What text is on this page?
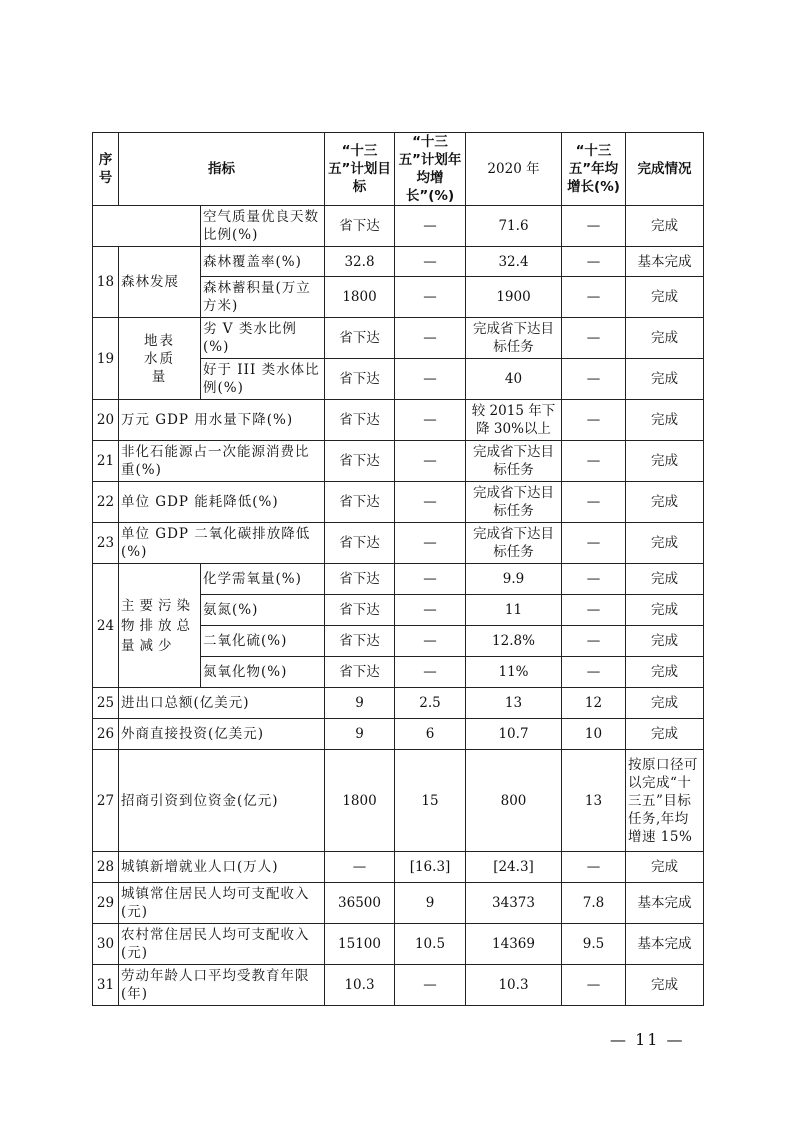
序号	指标		“十三五”计划目标	“十三五”计划年均增长”(%)	2020 年	“十三五”年均增长(%)	完成情况
		空气质量优良天数比例(%)	省下达	—	71.6	—	完成
18	森林发展	森林覆盖率(%)	32.8	—	32.4	—	基本完成
		森林蓄积量(万立方米)	1800	—	1900	—	完成
19	地表水质量	劣 V 类水比例(%)	省下达	—	完成省下达目标任务	—	完成
		好于 III 类水体比例(%)	省下达	—	40	—	完成
20	万元 GDP 用水量下降(%)		省下达	—	较 2015 年下降 30%以上	—	完成
21	非化石能源占一次能源消费比重(%)		省下达	—	完成省下达目标任务	—	完成
22	单位 GDP 能耗降低(%)		省下达	—	完成省下达目标任务	—	完成
23	单位 GDP 二氧化碳排放降低(%)		省下达	—	完成省下达目标任务	—	完成
24	主要污染物排放总量减少	化学需氧量(%)	省下达	—	9.9	—	完成
		氨氮(%)	省下达	—	11	—	完成
		二氧化硫(%)	省下达	—	12.8%	—	完成
		氮氧化物(%)	省下达	—	11%	—	完成
25	进出口总额(亿美元)		9	2.5	13	12	完成
26	外商直接投资(亿美元)		9	6	10.7	10	完成
27	招商引资到位资金(亿元)		1800	15	800	13	按原口径可以完成“十三五”目标任务,年均增速 15%
28	城镇新增就业人口(万人)		—	[16.3]	[24.3]	—	完成
29	城镇常住居民人均可支配收入(元)		36500	9	34373	7.8	基本完成
30	农村常住居民人均可支配收入(元)		15100	10.5	14369	9.5	基本完成
31	劳动年龄人口平均受教育年限(年)		10.3	—	10.3	—	完成
— 11 —
